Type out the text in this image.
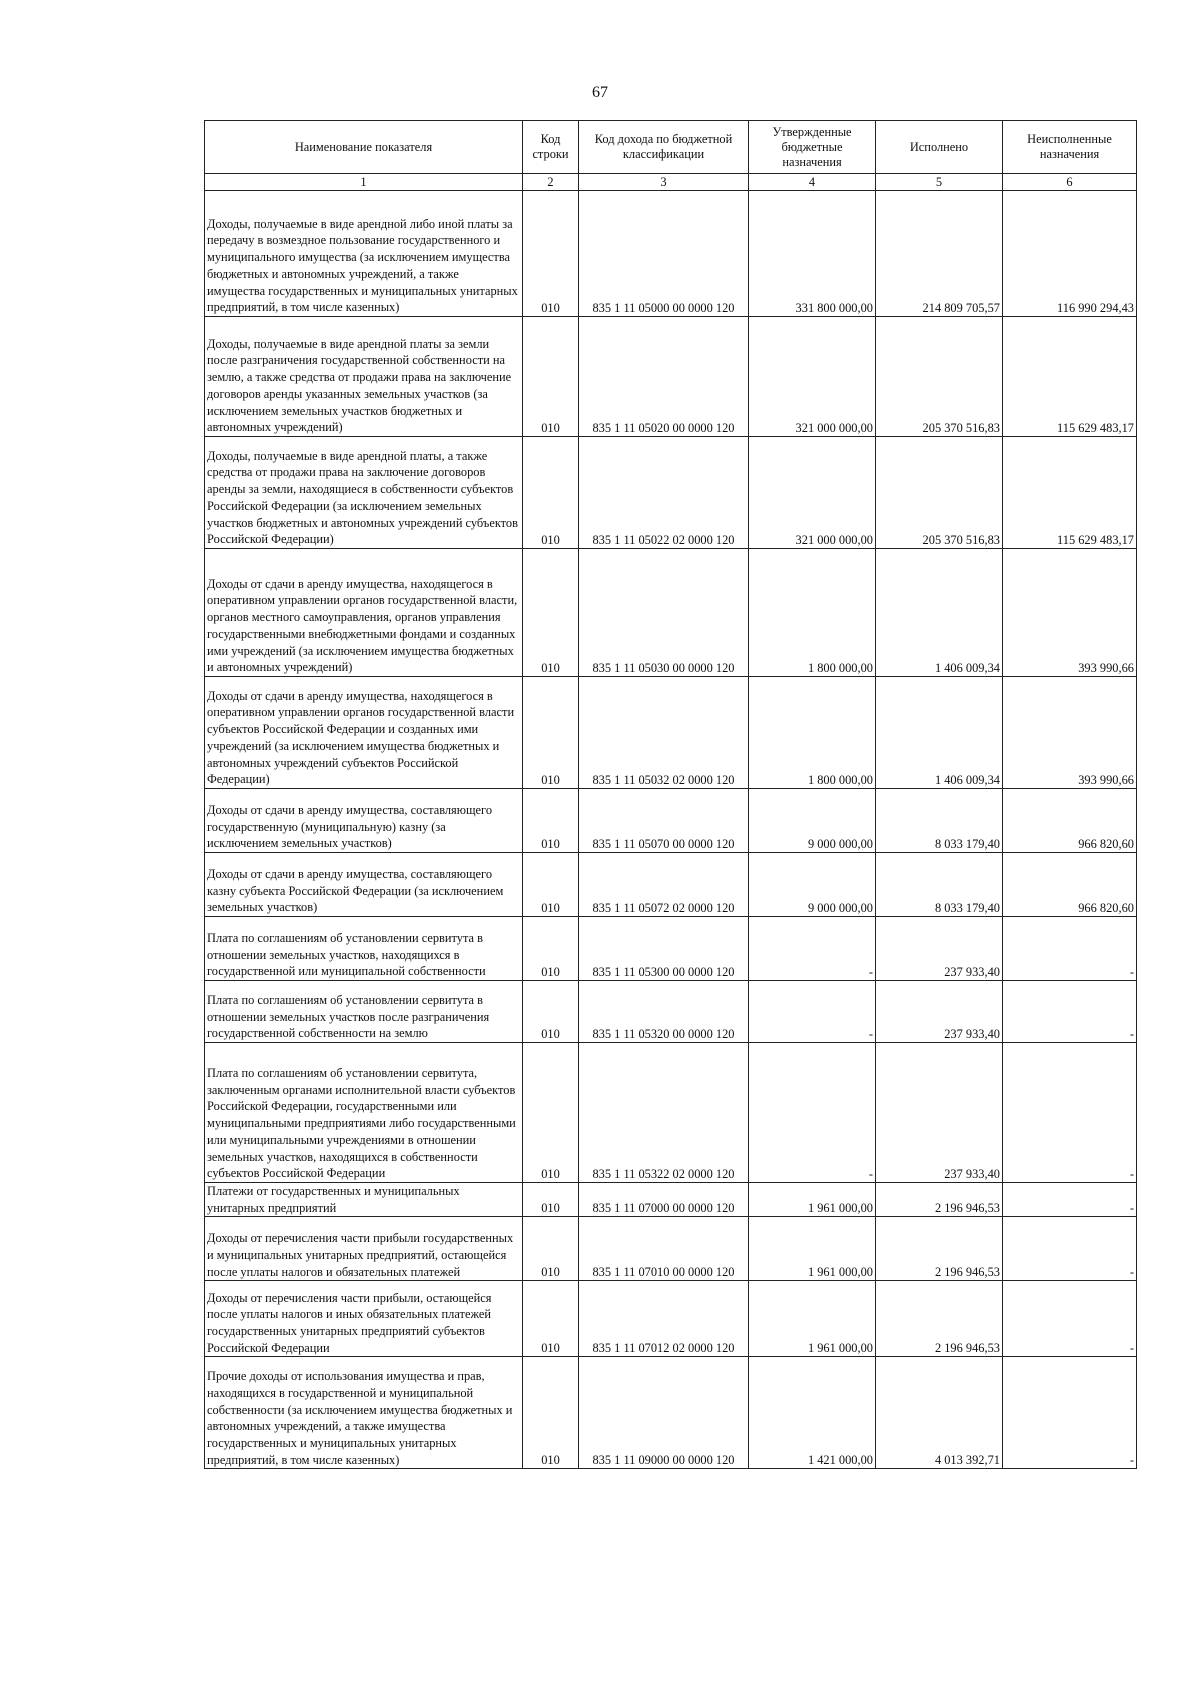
67
Наименование показателя	Код строки	Код дохода по бюджетной классификации	Утвержденные бюджетные назначения	Исполнено	Неисполненные назначения
1	2	3	4	5	6
Доходы, получаемые в виде арендной либо иной платы за передачу в возмездное пользование государственного и муниципального имущества (за исключением имущества бюджетных и автономных учреждений, а также имущества государственных и муниципальных унитарных предприятий, в том числе казенных)	010	835 1 11 05000 00 0000 120	331 800 000,00	214 809 705,57	116 990 294,43
Доходы, получаемые в виде арендной платы за земли после разграничения государственной собственности на землю, а также средства от продажи права на заключение договоров аренды указанных земельных участков (за исключением земельных участков бюджетных и автономных учреждений)	010	835 1 11 05020 00 0000 120	321 000 000,00	205 370 516,83	115 629 483,17
Доходы, получаемые в виде арендной платы, а также средства от продажи права на заключение договоров аренды за земли, находящиеся в собственности субъектов Российской Федерации (за исключением земельных участков бюджетных и автономных учреждений субъектов Российской Федерации)	010	835 1 11 05022 02 0000 120	321 000 000,00	205 370 516,83	115 629 483,17
Доходы от сдачи в аренду имущества, находящегося в оперативном управлении органов государственной власти, органов местного самоуправления, органов управления государственными внебюджетными фондами и созданных ими учреждений (за исключением имущества бюджетных и автономных учреждений)	010	835 1 11 05030 00 0000 120	1 800 000,00	1 406 009,34	393 990,66
Доходы от сдачи в аренду имущества, находящегося в оперативном управлении органов государственной власти субъектов Российской Федерации и созданных ими учреждений (за исключением имущества бюджетных и автономных учреждений субъектов Российской Федерации)	010	835 1 11 05032 02 0000 120	1 800 000,00	1 406 009,34	393 990,66
Доходы от сдачи в аренду имущества, составляющего государственную (муниципальную) казну (за исключением земельных участков)	010	835 1 11 05070 00 0000 120	9 000 000,00	8 033 179,40	966 820,60
Доходы от сдачи в аренду имущества, составляющего казну субъекта Российской Федерации (за исключением земельных участков)	010	835 1 11 05072 02 0000 120	9 000 000,00	8 033 179,40	966 820,60
Плата по соглашениям об установлении сервитута в отношении земельных участков, находящихся в государственной или муниципальной собственности	010	835 1 11 05300 00 0000 120	-	237 933,40	-
Плата по соглашениям об установлении сервитута в отношении земельных участков после разграничения государственной собственности на землю	010	835 1 11 05320 00 0000 120	-	237 933,40	-
Плата по соглашениям об установлении сервитута, заключенным органами исполнительной власти субъектов Российской Федерации, государственными или муниципальными предприятиями либо государственными или муниципальными учреждениями в отношении земельных участков, находящихся в собственности субъектов Российской Федерации	010	835 1 11 05322 02 0000 120	-	237 933,40	-
Платежи от государственных и муниципальных унитарных предприятий	010	835 1 11 07000 00 0000 120	1 961 000,00	2 196 946,53	-
Доходы от перечисления части прибыли государственных и муниципальных унитарных предприятий, остающейся после уплаты налогов и обязательных платежей	010	835 1 11 07010 00 0000 120	1 961 000,00	2 196 946,53	-
Доходы от перечисления части прибыли, остающейся после уплаты налогов и иных обязательных платежей государственных унитарных предприятий субъектов Российской Федерации	010	835 1 11 07012 02 0000 120	1 961 000,00	2 196 946,53	-
Прочие доходы от использования имущества и прав, находящихся в государственной и муниципальной собственности (за исключением имущества бюджетных и автономных учреждений, а также имущества государственных и муниципальных унитарных предприятий, в том числе казенных)	010	835 1 11 09000 00 0000 120	1 421 000,00	4 013 392,71	-
